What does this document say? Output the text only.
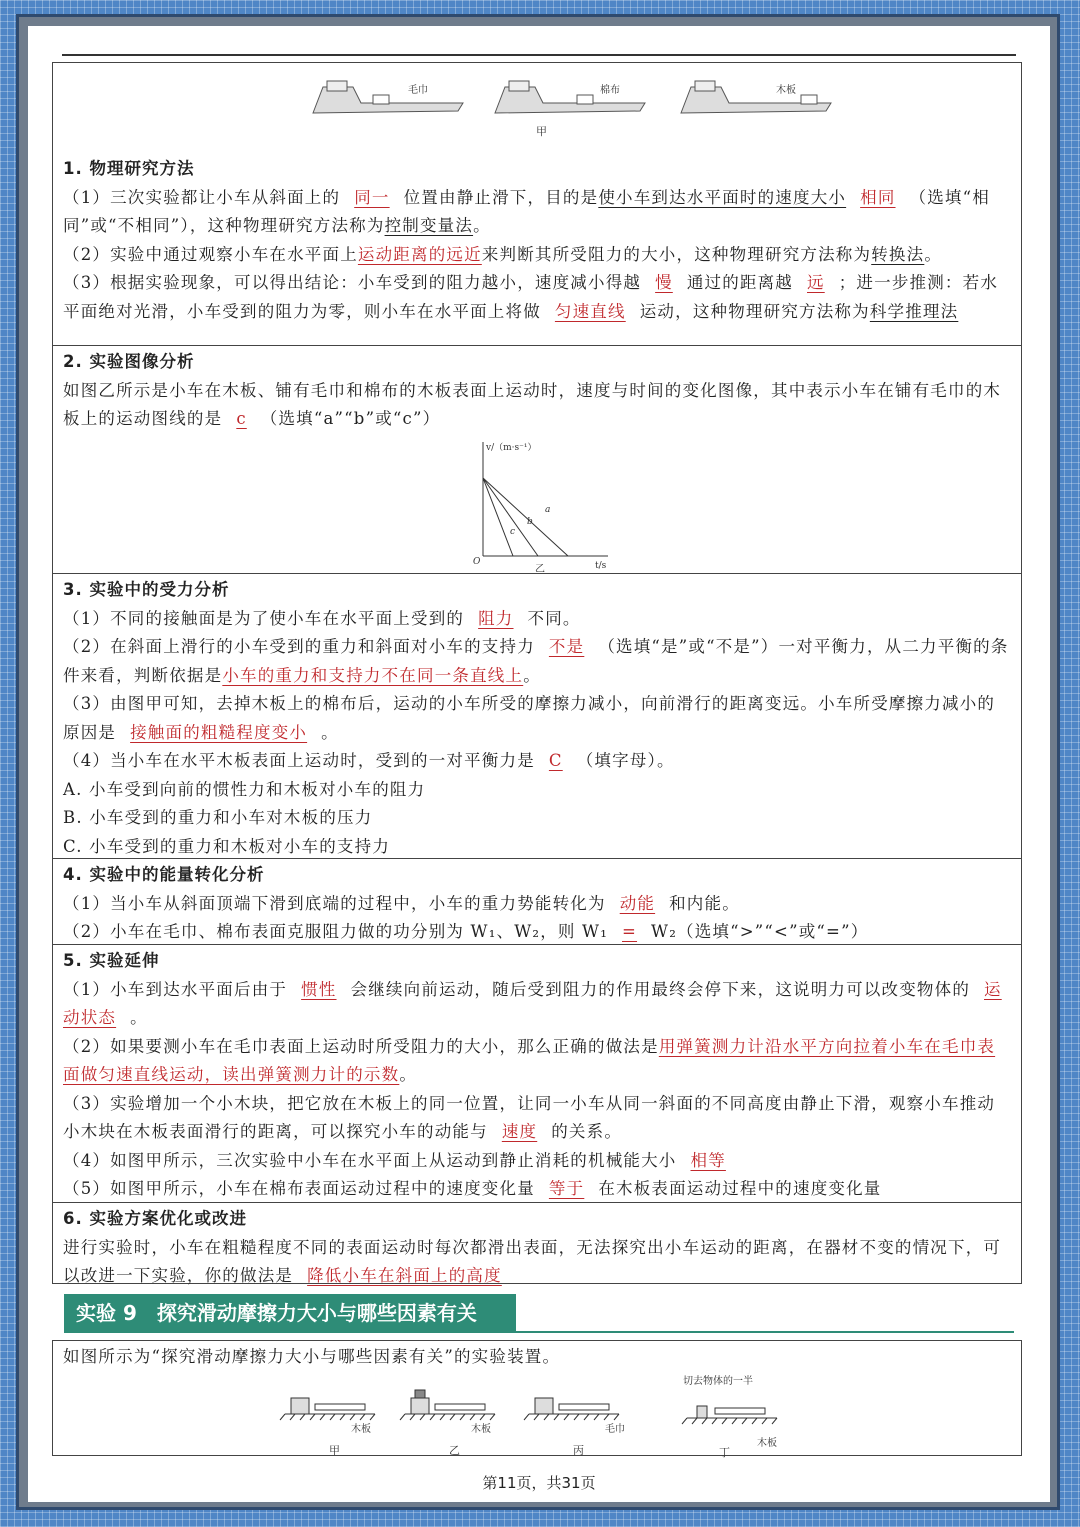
毛巾	棉布	木板
甲
1. 物理研究方法
（1）三次实验都让小车从斜面上的 同一 位置由静止滑下，目的是使小车到达水平面时的速度大小 相同 （选填“相同”或“不相同”），这种物理研究方法称为控制变量法。
（2）实验中通过观察小车在水平面上运动距离的远近来判断其所受阻力的大小，这种物理研究方法称为转换法。
（3）根据实验现象，可以得出结论：小车受到的阻力越小，速度减小得越 慢 通过的距离越 远 ；进一步推测：若水平面绝对光滑，小车受到的阻力为零，则小车在水平面上将做 匀速直线 运动，这种物理研究方法称为科学推理法
2. 实验图像分析
如图乙所示是小车在木板、铺有毛巾和棉布的木板表面上运动时，速度与时间的变化图像，其中表示小车在铺有毛巾的木板上的运动图线的是 c （选填“a”“b”或“c”）
v/（m·s⁻¹）
t/s
O
a
b
c
乙
3. 实验中的受力分析
（1）不同的接触面是为了使小车在水平面上受到的 阻力 不同。
（2）在斜面上滑行的小车受到的重力和斜面对小车的支持力 不是 （选填“是”或“不是”）一对平衡力，从二力平衡的条件来看，判断依据是小车的重力和支持力不在同一条直线上。
（3）由图甲可知，去掉木板上的棉布后，运动的小车所受的摩擦力减小，向前滑行的距离变远。小车所受摩擦力减小的原因是 接触面的粗糙程度变小 。
（4）当小车在水平木板表面上运动时，受到的一对平衡力是 C （填字母）。
A. 小车受到向前的惯性力和木板对小车的阻力
B. 小车受到的重力和小车对木板的压力
C. 小车受到的重力和木板对小车的支持力
4. 实验中的能量转化分析
（1）当小车从斜面顶端下滑到底端的过程中，小车的重力势能转化为 动能 和内能。
（2）小车在毛巾、棉布表面克服阻力做的功分别为 W₁、W₂，则 W₁ = W₂（选填“>”“<”或“=”）
5. 实验延伸
（1）小车到达水平面后由于 惯性 会继续向前运动，随后受到阻力的作用最终会停下来，这说明力可以改变物体的 运动状态 。
（2）如果要测小车在毛巾表面上运动时所受阻力的大小，那么正确的做法是用弹簧测力计沿水平方向拉着小车在毛巾表面做匀速直线运动，读出弹簧测力计的示数。
（3）实验增加一个小木块，把它放在木板上的同一位置，让同一小车从同一斜面的不同高度由静止下滑，观察小车推动小木块在木板表面滑行的距离，可以探究小车的动能与 速度 的关系。
（4）如图甲所示，三次实验中小车在水平面上从运动到静止消耗的机械能大小 相等
（5）如图甲所示，小车在棉布表面运动过程中的速度变化量 等于 在木板表面运动过程中的速度变化量
6. 实验方案优化或改进
进行实验时，小车在粗糙程度不同的表面运动时每次都滑出表面，无法探究出小车运动的距离，在器材不变的情况下，可以改进一下实验，你的做法是 降低小车在斜面上的高度
实验 9　探究滑动摩擦力大小与哪些因素有关
如图所示为“探究滑动摩擦力大小与哪些因素有关”的实验装置。
木板
甲
木板
乙
毛巾
丙
切去物体的一半
木板
丁
第11页，共31页
